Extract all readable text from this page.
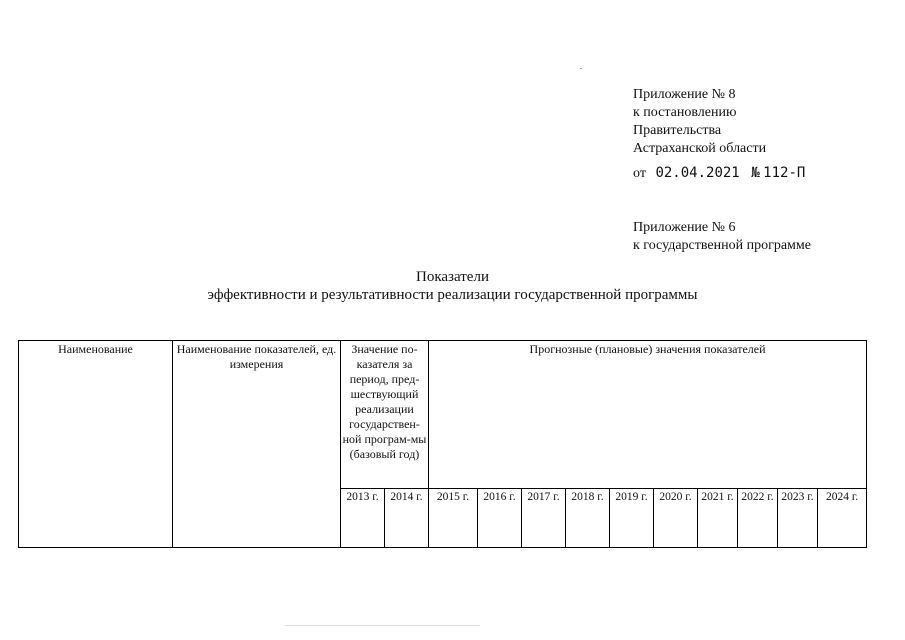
Приложение № 8
к постановлению
Правительства
Астраханской области
от 02.04.2021 № 112-П
Приложение № 6
к государственной программе
Показатели
эффективности и результативности реализации государственной программы
Наименование	Наименование показателей, ед. измерения	Значение по-казателя за период, пред-шествующий реализации государствен-ной програм-мы (базовый год)		Прогнозные (плановые) значения показателей									
		2013 г.	2014 г.	2015 г.	2016 г.	2017 г.	2018 г.	2019 г.	2020 г.	2021 г.	2022 г.	2023 г.	2024 г.
